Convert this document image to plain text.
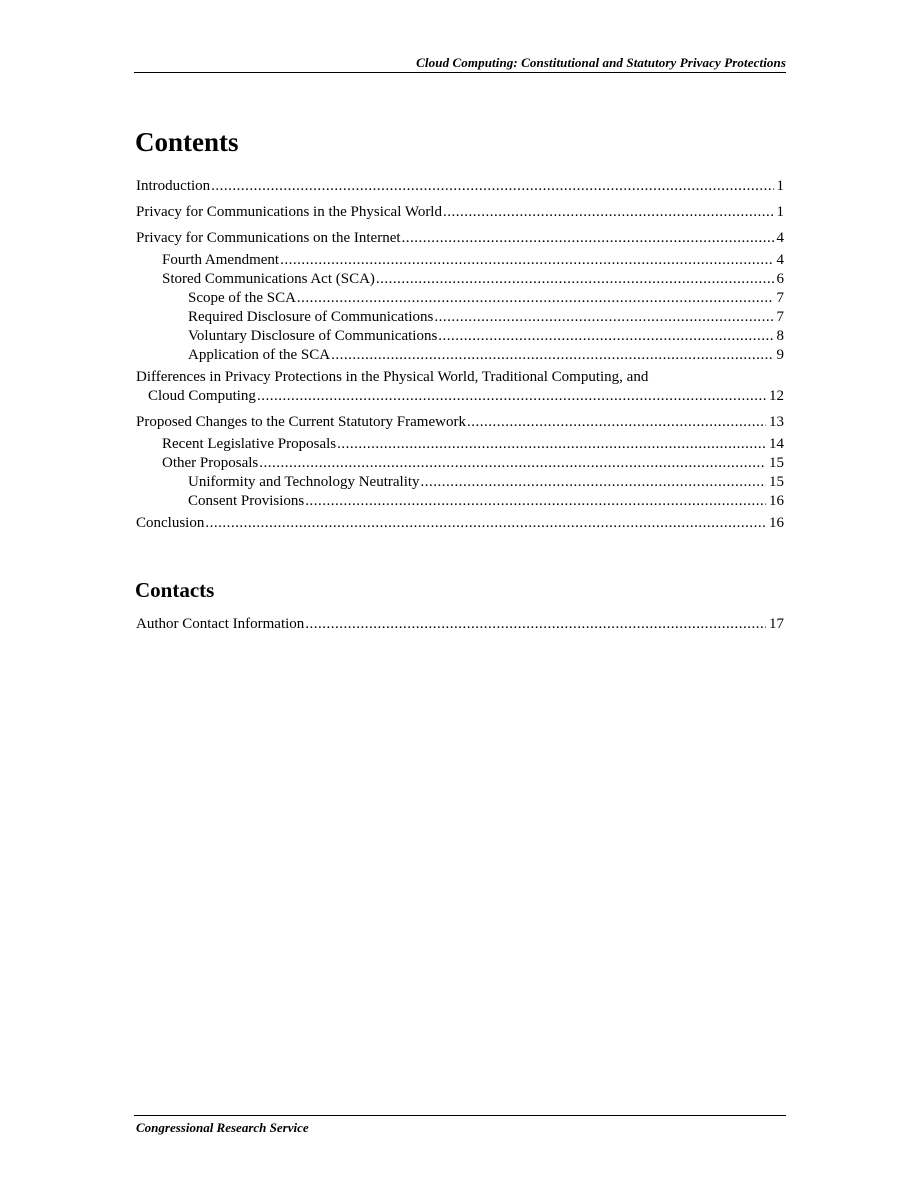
Cloud Computing: Constitutional and Statutory Privacy Protections
Contents
Introduction .....	1
Privacy for Communications in the Physical World .....	1
Privacy for Communications on the Internet .....	4
Fourth Amendment .....	4
Stored Communications Act (SCA) .....	6
Scope of the SCA .....	7
Required Disclosure of Communications .....	7
Voluntary Disclosure of Communications .....	8
Application of the SCA .....	9
Differences in Privacy Protections in the Physical World, Traditional Computing, and
Cloud Computing .....	12
Proposed Changes to the Current Statutory Framework .....	13
Recent Legislative Proposals .....	14
Other Proposals .....	15
Uniformity and Technology Neutrality .....	15
Consent Provisions .....	16
Conclusion .....	16
Contacts
Author Contact Information .....	17
Congressional Research Service
